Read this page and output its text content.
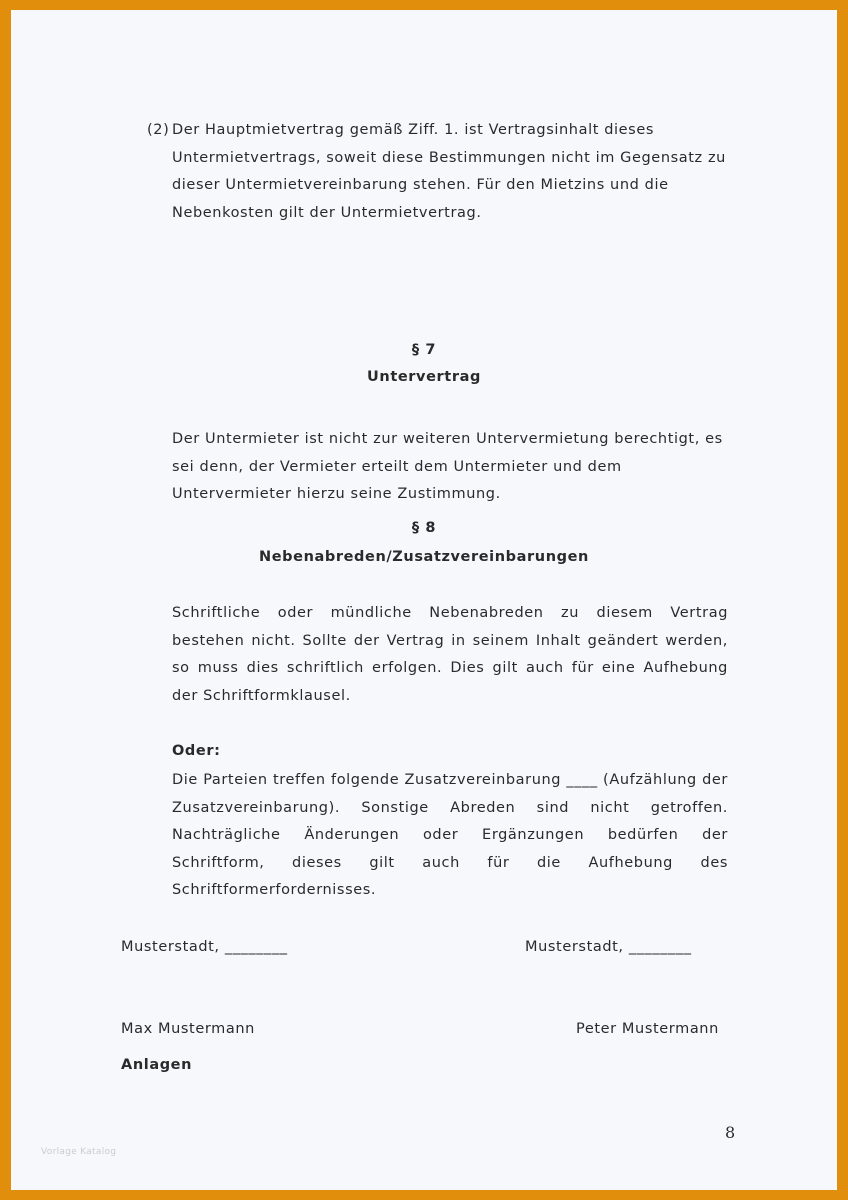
(2) Der Hauptmietvertrag gemäß Ziff. 1. ist Vertragsinhalt dieses Untermietvertrags, soweit diese Bestimmungen nicht im Gegensatz zu dieser Untermietvereinbarung stehen. Für den Mietzins und die Nebenkosten gilt der Untermietvertrag.
§ 7
Untervertrag
Der Untermieter ist nicht zur weiteren Untervermietung berechtigt, es sei denn, der Vermieter erteilt dem Untermieter und dem Untervermieter hierzu seine Zustimmung.
§ 8
Nebenabreden/Zusatzvereinbarungen
Schriftliche oder mündliche Nebenabreden zu diesem Vertrag bestehen nicht. Sollte der Vertrag in seinem Inhalt geändert werden, so muss dies schriftlich erfolgen. Dies gilt auch für eine Aufhebung der Schriftformklausel.
Oder:
Die Parteien treffen folgende Zusatzvereinbarung ____ (Aufzählung der Zusatzvereinbarung). Sonstige Abreden sind nicht getroffen. Nachträgliche Änderungen oder Ergänzungen bedürfen der Schriftform, dieses gilt auch für die Aufhebung des Schriftformerfordernisses.
Musterstadt, ________	Musterstadt, ________
Max Mustermann	Peter Mustermann
Anlagen
Vorlage Katalog
8
